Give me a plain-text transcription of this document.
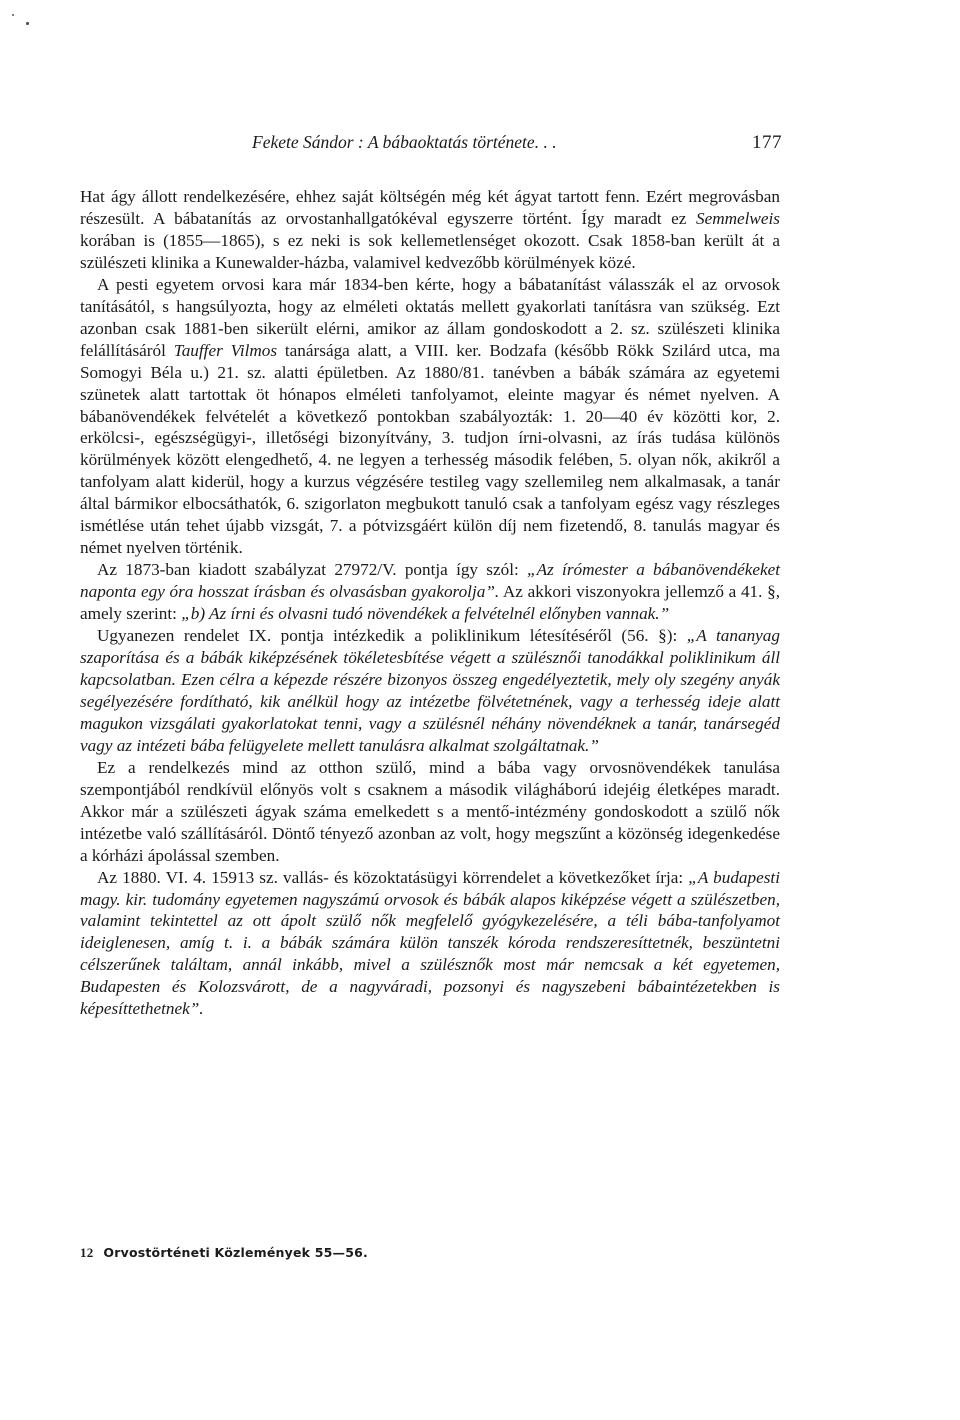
Fekete Sándor : A bábaoktatás története. . .	177

Hat ágy állott rendelkezésére, ehhez saját költségén még két ágyat tartott fenn. Ezért megrovásban részesült. A bábatanítás az orvostanhallgatókéval egyszerre történt. Így maradt ez Semmelweis korában is (1855—1865), s ez neki is sok kellemetlenséget okozott. Csak 1858-ban került át a szülészeti klinika a Kunewalder-házba, valamivel kedvezőbb körülmények közé.

A pesti egyetem orvosi kara már 1834-ben kérte, hogy a bábatanítást válasszák el az orvosok tanításától, s hangsúlyozta, hogy az elméleti oktatás mellett gyakorlati tanításra van szükség. Ezt azonban csak 1881-ben sikerült elérni, amikor az állam gondoskodott a 2. sz. szülészeti klinika felállításáról Tauffer Vilmos tanársága alatt, a VIII. ker. Bodzafa (később Rökk Szilárd utca, ma Somogyi Béla u.) 21. sz. alatti épületben. Az 1880/81. tanévben a bábák számára az egyetemi szünetek alatt tartottak öt hónapos elméleti tanfolyamot, eleinte magyar és német nyelven. A bábanövendékek felvételét a következő pontokban szabályozták: 1. 20—40 év közötti kor, 2. erkölcsi-, egészségügyi-, illetőségi bizonyítvány, 3. tudjon írni-olvasni, az írás tudása különös körülmények között elengedhető, 4. ne legyen a terhesség második felében, 5. olyan nők, akikről a tanfolyam alatt kiderül, hogy a kurzus végzésére testileg vagy szellemileg nem alkalmasak, a tanár által bármikor elbocsáthatók, 6. szigorlaton megbukott tanuló csak a tanfolyam egész vagy részleges ismétlése után tehet újabb vizsgát, 7. a pótvizsgáért külön díj nem fizetendő, 8. tanulás magyar és német nyelven történik.

Az 1873-ban kiadott szabályzat 27972/V. pontja így szól: „Az írómester a bábanövendékeket naponta egy óra hosszat írásban és olvasásban gyakorolja”. Az akkori viszonyokra jellemző a 41. §, amely szerint: „b) Az írni és olvasni tudó növendékek a felvételnél előnyben vannak.”

Ugyanezen rendelet IX. pontja intézkedik a poliklinikum létesítéséről (56. §): „A tananyag szaporítása és a bábák kiképzésének tökéletesbítése végett a szülésznői tanodákkal poliklinikum áll kapcsolatban. Ezen célra a képezde részére bizonyos összeg engedélyeztetik, mely oly szegény anyák segélyezésére fordítható, kik anélkül hogy az intézetbe fölvétetnének, vagy a terhesség ideje alatt magukon vizsgálati gyakorlatokat tenni, vagy a szülésnél néhány növendéknek a tanár, tanársegéd vagy az intézeti bába felügyelete mellett tanulásra alkalmat szolgáltatnak.”

Ez a rendelkezés mind az otthon szülő, mind a bába vagy orvosnövendékek tanulása szempontjából rendkívül előnyös volt s csaknem a második világháború idejéig életképes maradt. Akkor már a szülészeti ágyak száma emelkedett s a mentő-intézmény gondoskodott a szülő nők intézetbe való szállításáról. Döntő tényező azonban az volt, hogy megszűnt a közönség idegenkedése a kórházi ápolással szemben.

Az 1880. VI. 4. 15913 sz. vallás- és közoktatásügyi körrendelet a következőket írja: „A budapesti magy. kir. tudomány egyetemen nagyszámú orvosok és bábák alapos kiképzése végett a szülészetben, valamint tekintettel az ott ápolt szülő nők megfelelő gyógykezelésére, a téli bába-tanfolyamot ideiglenesen, amíg t. i. a bábák számára külön tanszék kóroda rendszeresíttetnék, beszüntetni célszerűnek találtam, annál inkább, mivel a szülésznők most már nemcsak a két egyetemen, Budapesten és Kolozsvárott, de a nagyváradi, pozsonyi és nagyszebeni bábaintézetekben is képesíttethetnek”.

12 Orvostörténeti Közlemények 55—56.
